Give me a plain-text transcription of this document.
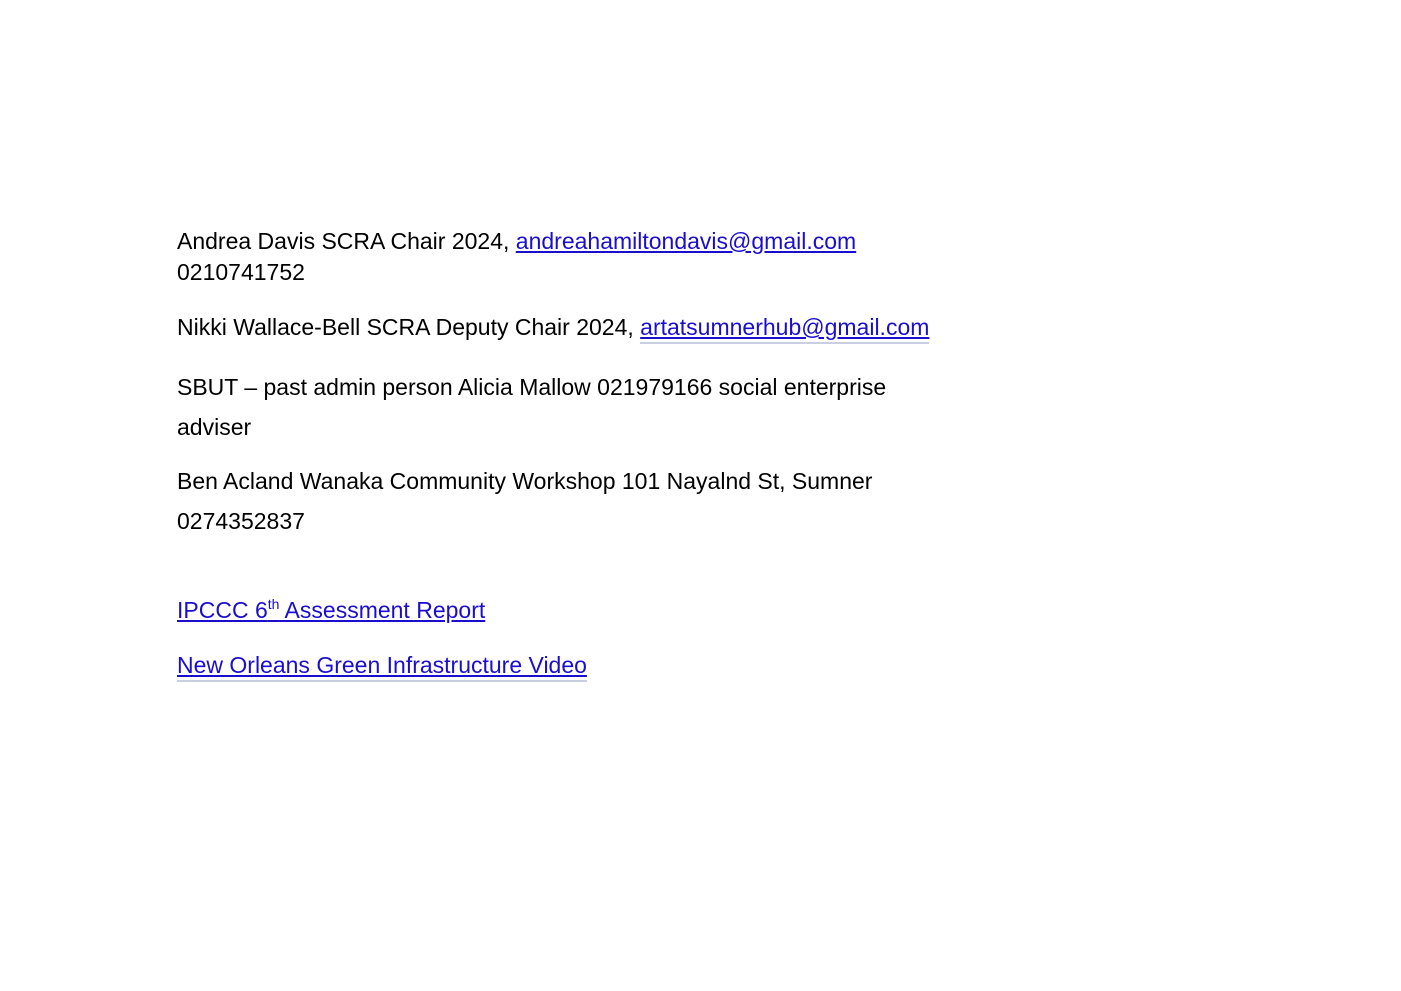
Andrea Davis SCRA Chair 2024, andreahamiltondavis@gmail.com
0210741752

Nikki Wallace-Bell SCRA Deputy Chair 2024, artatsumnerhub@gmail.com

SBUT – past admin person Alicia Mallow 021979166 social enterprise
adviser

Ben Acland Wanaka Community Workshop 101 Nayalnd St, Sumner
0274352837

IPCCC 6th Assessment Report

New Orleans Green Infrastructure Video
